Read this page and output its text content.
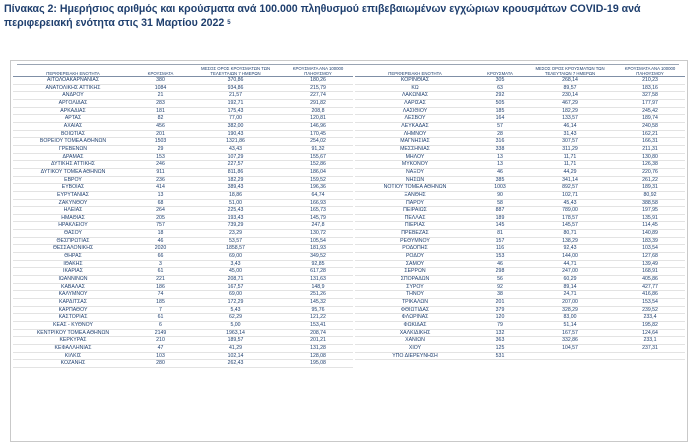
Πίνακας 2: Ημερήσιος αριθμός και κρούσματα ανά 100.000 πληθυσμού επιβεβαιωμένων εγχώριων κρουσμάτων COVID-19 ανά περιφερειακή ενότητα στις 31 Μαρτίου 2022 $^5$
ΠΕΡΙΦΕΡΕΙΑΚΗ ΕΝΟΤΗΤΑ	ΚΡΟΥΣΜΑΤΑ	ΜΕΣΟΣ ΟΡΟΣ ΚΡΟΥΣΜΑΤΩΝ ΤΩΝ ΤΕΛΕΥΤΑΙΩΝ 7 ΗΜΕΡΩΝ	ΚΡΟΥΣΜΑΤΑ ΑΝΑ 100000 ΠΛΗΘΥΣΜΟΥ
ΑΙΤΩΛΟΑΚΑΡΝΑΝΙΑΣ	380	370,86	180,26
ΑΝΑΤΟΛΙΚΗΣ ΑΤΤΙΚΗΣ	1084	934,86	215,79
ΑΝΔΡΟΥ	21	21,57	227,74
ΑΡΓΟΛΙΔΑΣ	283	192,71	291,82
ΑΡΚΑΔΙΑΣ	181	175,43	208,8
ΑΡΤΑΣ	82	77,00	120,81
ΑΧΑΪΑΣ	456	382,00	146,96
ΒΟΙΩΤΙΑΣ	201	190,43	170,45
ΒΟΡΕΙΟΥ ΤΟΜΕΑ ΑΘΗΝΩΝ	1503	1321,86	254,02
ΓΡΕΒΕΝΩΝ	29	43,43	91,32
ΔΡΑΜΑΣ	153	107,29	155,67
ΔΥΤΙΚΗΣ ΑΤΤΙΚΗΣ	246	227,57	152,86
ΔΥΤΙΚΟΥ ΤΟΜΕΑ ΑΘΗΝΩΝ	911	811,86	186,04
ΕΒΡΟΥ	236	182,29	159,52
ΕΥΒΟΙΑΣ	414	389,43	196,36
ΕΥΡΥΤΑΝΙΑΣ	13	18,86	64,74
ΖΑΚΥΝΘΟΥ	68	51,00	166,93
ΗΛΕΙΑΣ	264	225,43	165,73
ΗΜΑΘΙΑΣ	205	193,43	145,79
ΗΡΑΚΛΕΙΟΥ	757	739,29	247,8
ΘΑΣΟΥ	18	23,29	130,72
ΘΕΣΠΡΩΤΙΑΣ	46	53,57	105,54
ΘΕΣΣΑΛΟΝΙΚΗΣ	2020	1858,57	181,93
ΘΗΡΑΣ	66	69,00	349,52
ΙΘΑΚΗΣ	3	3,43	92,85
ΙΚΑΡΙΑΣ	61	45,00	617,28
ΙΩΑΝΝΙΝΩΝ	221	208,71	131,63
ΚΑΒΑΛΑΣ	186	167,57	148,9
ΚΑΛΥΜΝΟΥ	74	69,00	251,26
ΚΑΡΔΙΤΣΑΣ	185	172,29	145,32
ΚΑΡΠΑΘΟΥ	7	5,43	95,76
ΚΑΣΤΟΡΙΑΣ	61	62,29	121,22
ΚΕΑΣ - ΚΥΘΝΟΥ	6	5,00	153,41
ΚΕΝΤΡΙΚΟΥ ΤΟΜΕΑ ΑΘΗΝΩΝ	2149	1963,14	208,74
ΚΕΡΚΥΡΑΣ	210	189,57	201,21
ΚΕΦΑΛΛΗΝΙΑΣ	47	41,29	131,28
ΚΙΛΚΙΣ	103	102,14	128,08
ΚΟΖΑΝΗΣ	280	262,43	195,08
ΠΕΡΙΦΕΡΕΙΑΚΗ ΕΝΟΤΗΤΑ	ΚΡΟΥΣΜΑΤΑ	ΜΕΣΟΣ ΟΡΟΣ ΚΡΟΥΣΜΑΤΩΝ ΤΩΝ ΤΕΛΕΥΤΑΙΩΝ 7 ΗΜΕΡΩΝ	ΚΡΟΥΣΜΑΤΑ ΑΝΑ 100000 ΠΛΗΘΥΣΜΟΥ
ΚΟΡΙΝΘΙΑΣ	305	268,14	210,23
ΚΩ	63	89,57	183,16
ΛΑΚΩΝΙΑΣ	292	230,14	327,58
ΛΑΡΙΣΑΣ	505	467,29	177,97
ΛΑΣΙΘΙΟΥ	185	182,29	245,42
ΛΕΣΒΟΥ	164	133,57	189,74
ΛΕΥΚΑΔΑΣ	57	46,14	240,58
ΛΗΜΝΟΥ	28	31,43	162,21
ΜΑΓΝΗΣΙΑΣ	316	307,57	166,31
ΜΕΣΣΗΝΙΑΣ	338	311,29	211,31
ΜΗΛΟΥ	13	11,71	130,80
ΜΥΚΟΝΟΥ	13	11,71	126,38
ΝΑΞΟΥ	46	44,29	220,76
ΝΗΣΩΝ	385	341,14	261,22
ΝΟΤΙΟΥ ΤΟΜΕΑ ΑΘΗΝΩΝ	1003	892,57	189,31
ΞΑΝΘΗΣ	90	102,71	80,92
ΠΑΡΟΥ	58	45,43	388,58
ΠΕΙΡΑΙΩΣ	887	789,00	197,95
ΠΕΛΛΑΣ	189	178,57	135,91
ΠΙΕΡΙΑΣ	145	145,57	114,45
ΠΡΕΒΕΖΑΣ	81	80,71	140,89
ΡΕΘΥΜΝΟΥ	157	138,29	183,39
ΡΟΔΟΠΗΣ	116	92,43	103,54
ΡΟΔΟΥ	153	144,00	127,68
ΣΑΜΟΥ	46	44,71	139,49
ΣΕΡΡΩΝ	298	247,00	168,91
ΣΠΟΡΑΔΩΝ	56	60,29	405,86
ΣΥΡΟΥ	92	89,14	427,77
ΤΗΝΟΥ	38	24,71	416,86
ΤΡΙΚΑΛΩΝ	201	207,00	153,54
ΦΘΙΩΤΙΔΑΣ	379	328,29	239,52
ΦΛΩΡΙΝΑΣ	120	83,00	233,4
ΦΩΚΙΔΑΣ	79	51,14	195,82
ΧΑΛΚΙΔΙΚΗΣ	132	167,57	124,64
ΧΑΝΙΩΝ	363	332,86	233,1
ΧΙΟΥ	125	104,57	237,31
ΥΠΟ ΔΙΕΡΕΥΝΗΣΗ	531		
